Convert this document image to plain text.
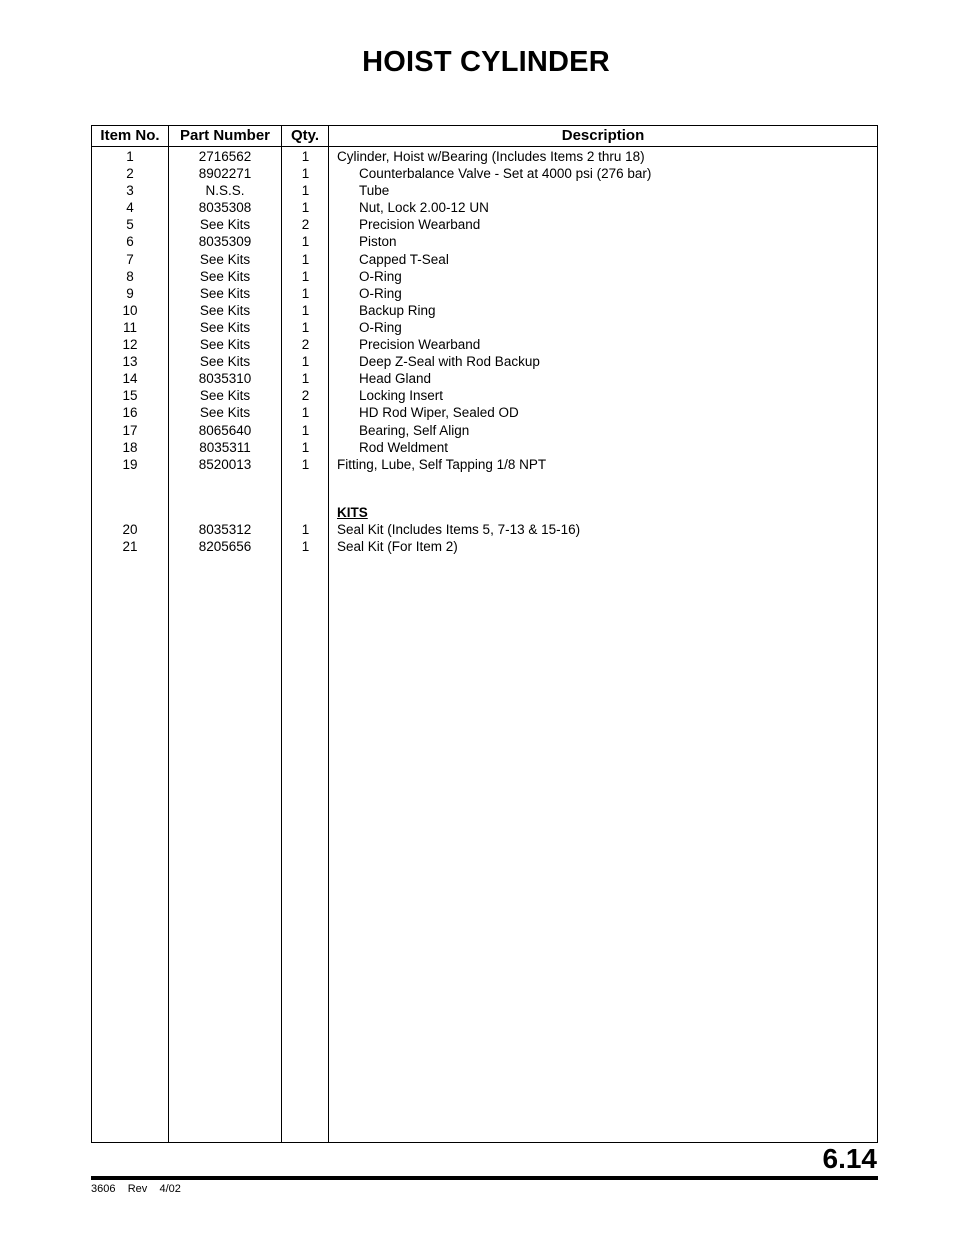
HOIST CYLINDER
Item No.	Part Number	Qty.	Description
1	2716562	1	Cylinder, Hoist w/Bearing (Includes Items 2 thru 18)
2	8902271	1	Counterbalance Valve - Set at 4000 psi (276 bar)
3	N.S.S.	1	Tube
4	8035308	1	Nut, Lock 2.00-12 UN
5	See Kits	2	Precision Wearband
6	8035309	1	Piston
7	See Kits	1	Capped T-Seal
8	See Kits	1	O-Ring
9	See Kits	1	O-Ring
10	See Kits	1	Backup Ring
11	See Kits	1	O-Ring
12	See Kits	2	Precision Wearband
13	See Kits	1	Deep Z-Seal with Rod Backup
14	8035310	1	Head Gland
15	See Kits	2	Locking Insert
16	See Kits	1	HD Rod Wiper, Sealed OD
17	8065640	1	Bearing, Self Align
18	8035311	1	Rod Weldment
19	8520013	1	Fitting, Lube, Self Tapping 1/8 NPT
KITS
20	8035312	1	Seal Kit (Includes Items 5, 7-13 & 15-16)
21	8205656	1	Seal Kit (For Item 2)
6.14
3606    Rev    4/02
